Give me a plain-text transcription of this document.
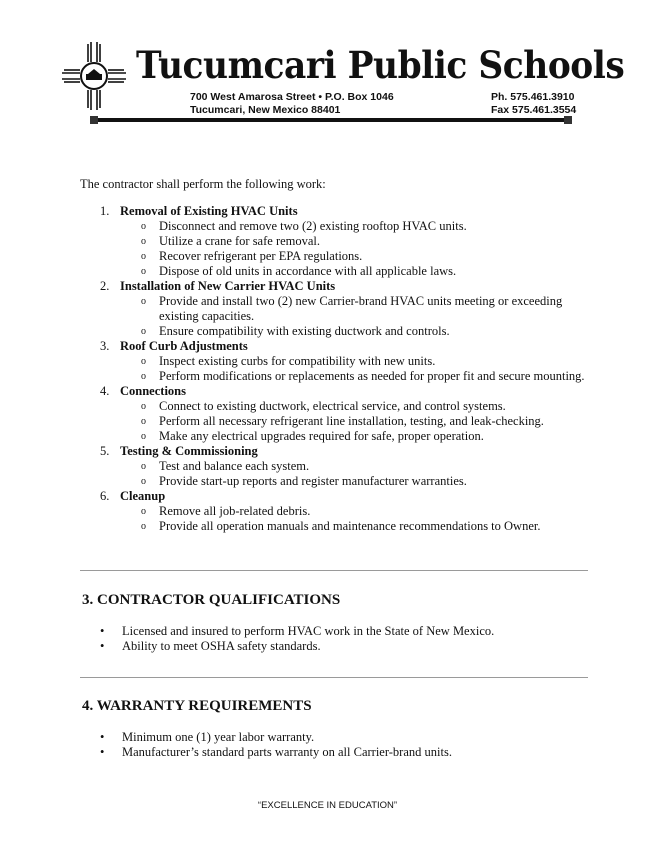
Tucumcari Public Schools
700 West Amarosa Street • P.O. Box 1046
Tucumcari, New Mexico 88401
Ph. 575.461.3910
Fax 575.461.3554
The contractor shall perform the following work:
1. Removal of Existing HVAC Units
o Disconnect and remove two (2) existing rooftop HVAC units.
o Utilize a crane for safe removal.
o Recover refrigerant per EPA regulations.
o Dispose of old units in accordance with all applicable laws.
2. Installation of New Carrier HVAC Units
o Provide and install two (2) new Carrier-brand HVAC units meeting or exceeding existing capacities.
o Ensure compatibility with existing ductwork and controls.
3. Roof Curb Adjustments
o Inspect existing curbs for compatibility with new units.
o Perform modifications or replacements as needed for proper fit and secure mounting.
4. Connections
o Connect to existing ductwork, electrical service, and control systems.
o Perform all necessary refrigerant line installation, testing, and leak-checking.
o Make any electrical upgrades required for safe, proper operation.
5. Testing & Commissioning
o Test and balance each system.
o Provide start-up reports and register manufacturer warranties.
6. Cleanup
o Remove all job-related debris.
o Provide all operation manuals and maintenance recommendations to Owner.
3. CONTRACTOR QUALIFICATIONS
• Licensed and insured to perform HVAC work in the State of New Mexico.
• Ability to meet OSHA safety standards.
4. WARRANTY REQUIREMENTS
• Minimum one (1) year labor warranty.
• Manufacturer’s standard parts warranty on all Carrier-brand units.
“EXCELLENCE IN EDUCATION”
